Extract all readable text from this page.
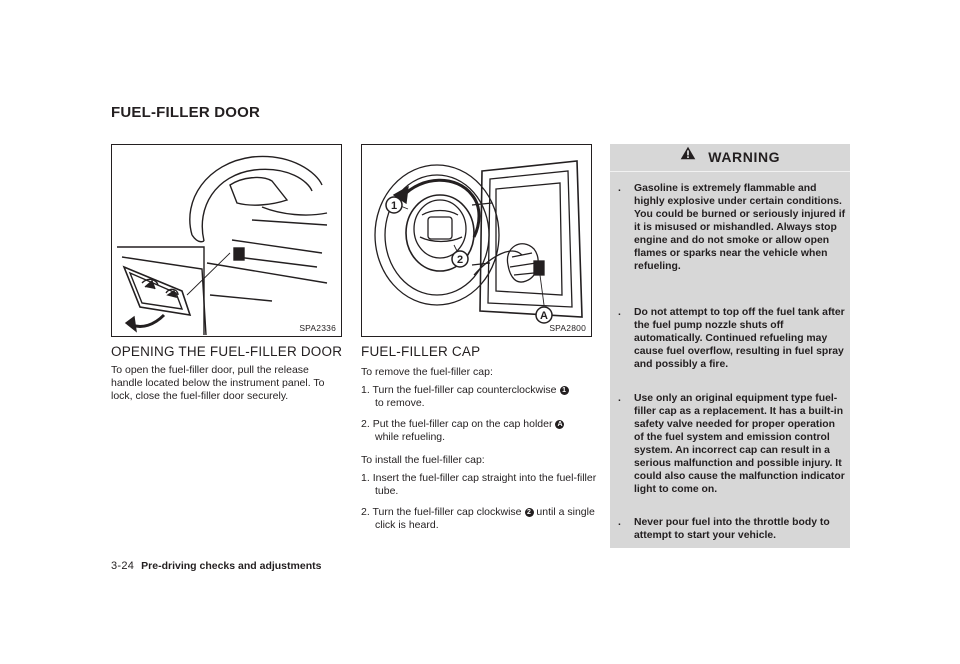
FUEL-FILLER DOOR
SPA2336
1
2
A
SPA2800
OPENING THE FUEL-FILLER DOOR

To open the fuel-filler door, pull the release handle located below the instrument panel. To lock, close the fuel-filler door securely.

FUEL-FILLER CAP

To remove the fuel-filler cap:

1. Turn the fuel-filler cap counterclockwise 1
to remove.

2. Put the fuel-filler cap on the cap holder A
while refueling.

To install the fuel-filler cap:

1. Insert the fuel-filler cap straight into the fuel-filler tube.

2. Turn the fuel-filler cap clockwise 2 until a single click is heard.

WARNING

. Gasoline is extremely flammable and highly explosive under certain conditions. You could be burned or seriously injured if it is misused or mishandled. Always stop engine and do not smoke or allow open flames or sparks near the vehicle when refueling.

. Do not attempt to top off the fuel tank after the fuel pump nozzle shuts off automatically. Continued refueling may cause fuel overflow, resulting in fuel spray and possibly a fire.

. Use only an original equipment type fuel-filler cap as a replacement. It has a built-in safety valve needed for proper operation of the fuel system and emission control system. An incorrect cap can result in a serious malfunction and possible injury. It could also cause the malfunction indicator light to come on.

. Never pour fuel into the throttle body to attempt to start your vehicle.

3-24 Pre-driving checks and adjustments
